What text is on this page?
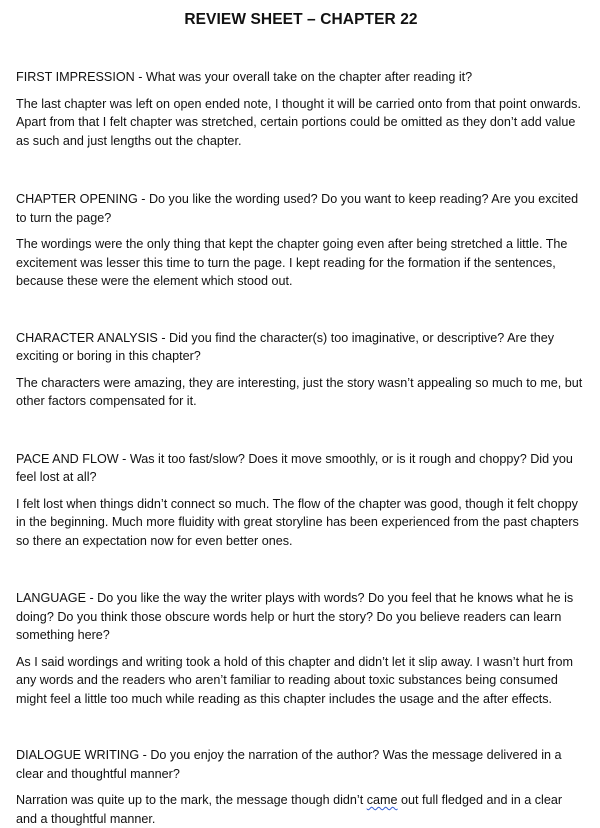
REVIEW SHEET – CHAPTER 22

FIRST IMPRESSION - What was your overall take on the chapter after reading it?

The last chapter was left on open ended note, I thought it will be carried onto from that point onwards. Apart from that I felt chapter was stretched, certain portions could be omitted as they don’t add value as such and just lengths out the chapter.

CHAPTER OPENING - Do you like the wording used? Do you want to keep reading? Are you excited to turn the page?

The wordings were the only thing that kept the chapter going even after being stretched a little. The excitement was lesser this time to turn the page. I kept reading for the formation if the sentences, because these were the element which stood out.

CHARACTER ANALYSIS - Did you find the character(s) too imaginative, or descriptive? Are they exciting or boring in this chapter?

The characters were amazing, they are interesting, just the story wasn’t appealing so much to me, but other factors compensated for it.

PACE AND FLOW - Was it too fast/slow? Does it move smoothly, or is it rough and choppy? Did you feel lost at all?

I felt lost when things didn’t connect so much. The flow of the chapter was good, though it felt choppy in the beginning. Much more fluidity with great storyline has been experienced from the past chapters so there an expectation now for even better ones.

LANGUAGE - Do you like the way the writer plays with words? Do you feel that he knows what he is doing? Do you think those obscure words help or hurt the story? Do you believe readers can learn something here?

As I said wordings and writing took a hold of this chapter and didn’t let it slip away. I wasn’t hurt from any words and the readers who aren’t familiar to reading about toxic substances being consumed might feel a little too much while reading as this chapter includes the usage and the after effects.

DIALOGUE WRITING - Do you enjoy the narration of the author? Was the message delivered in a clear and thoughtful manner?

Narration was quite up to the mark, the message though didn’t came out full fledged and in a clear and a thoughtful manner.
